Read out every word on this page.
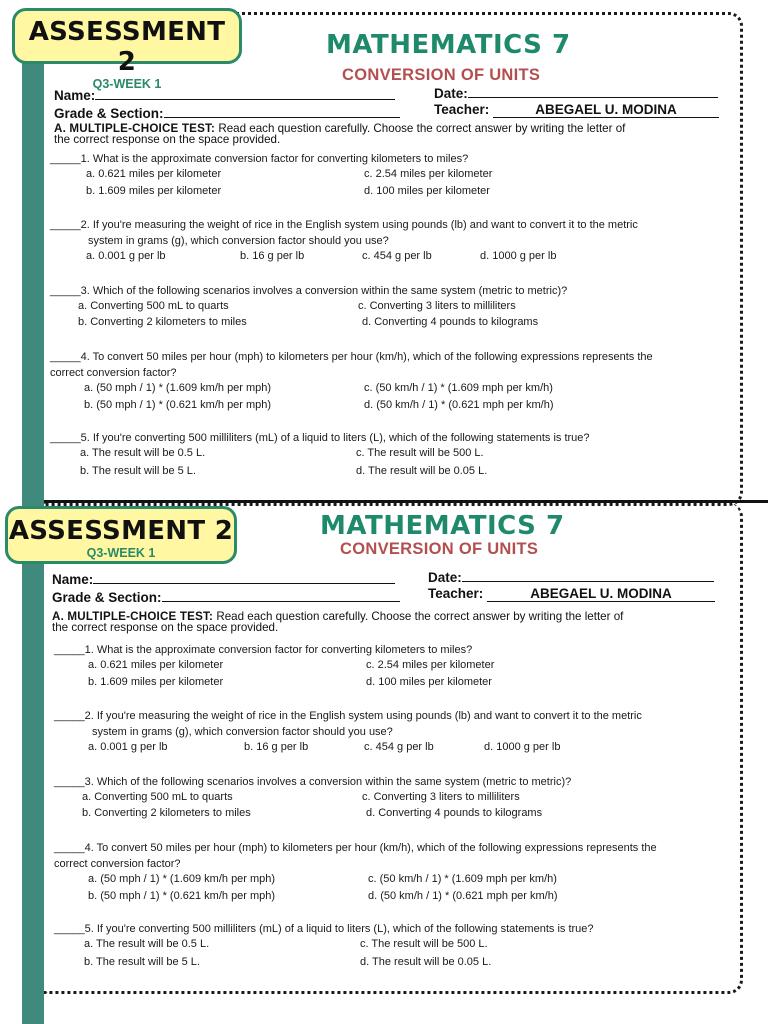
ASSESSMENT 2
Q3-WEEK 1
MATHEMATICS 7
CONVERSION OF UNITS
Name:
Grade & Section:
Date:
Teacher:	ABEGAEL U. MODINA
A. MULTIPLE-CHOICE TEST: Read each question carefully. Choose the correct answer by writing the letter of
the correct response on the space provided.
_____1. What is the approximate conversion factor for converting kilometers to miles?
a. 0.621 miles per kilometer	c. 2.54 miles per kilometer
b. 1.609 miles per kilometer	d. 100 miles per kilometer
_____2. If you're measuring the weight of rice in the English system using pounds (lb) and want to convert it to the metric
system in grams (g), which conversion factor should you use?
a. 0.001 g per lb	b. 16 g per lb	c. 454 g per lb	d. 1000 g per lb
_____3. Which of the following scenarios involves a conversion within the same system (metric to metric)?
a. Converting 500 mL to quarts	c. Converting 3 liters to milliliters
b. Converting 2 kilometers to miles	d. Converting 4 pounds to kilograms
_____4. To convert 50 miles per hour (mph) to kilometers per hour (km/h), which of the following expressions represents the
correct conversion factor?
a. (50 mph / 1) * (1.609 km/h per mph)	c. (50 km/h / 1) * (1.609 mph per km/h)
b. (50 mph / 1) * (0.621 km/h per mph)	d. (50 km/h / 1) * (0.621 mph per km/h)
_____5. If you're converting 500 milliliters (mL) of a liquid to liters (L), which of the following statements is true?
a. The result will be 0.5 L.	c. The result will be 500 L.
b. The result will be 5 L.	d. The result will be 0.05 L.
ASSESSMENT 2
Q3-WEEK 1
MATHEMATICS 7
CONVERSION OF UNITS
Name:
Grade & Section:
Date:
Teacher:	ABEGAEL U. MODINA
A. MULTIPLE-CHOICE TEST: Read each question carefully. Choose the correct answer by writing the letter of
the correct response on the space provided.
_____1. What is the approximate conversion factor for converting kilometers to miles?
a. 0.621 miles per kilometer	c. 2.54 miles per kilometer
b. 1.609 miles per kilometer	d. 100 miles per kilometer
_____2. If you're measuring the weight of rice in the English system using pounds (lb) and want to convert it to the metric
system in grams (g), which conversion factor should you use?
a. 0.001 g per lb	b. 16 g per lb	c. 454 g per lb	d. 1000 g per lb
_____3. Which of the following scenarios involves a conversion within the same system (metric to metric)?
a. Converting 500 mL to quarts	c. Converting 3 liters to milliliters
b. Converting 2 kilometers to miles	d. Converting 4 pounds to kilograms
_____4. To convert 50 miles per hour (mph) to kilometers per hour (km/h), which of the following expressions represents the
correct conversion factor?
a. (50 mph / 1) * (1.609 km/h per mph)	c. (50 km/h / 1) * (1.609 mph per km/h)
b. (50 mph / 1) * (0.621 km/h per mph)	d. (50 km/h / 1) * (0.621 mph per km/h)
_____5. If you're converting 500 milliliters (mL) of a liquid to liters (L), which of the following statements is true?
a. The result will be 0.5 L.	c. The result will be 500 L.
b. The result will be 5 L.	d. The result will be 0.05 L.
